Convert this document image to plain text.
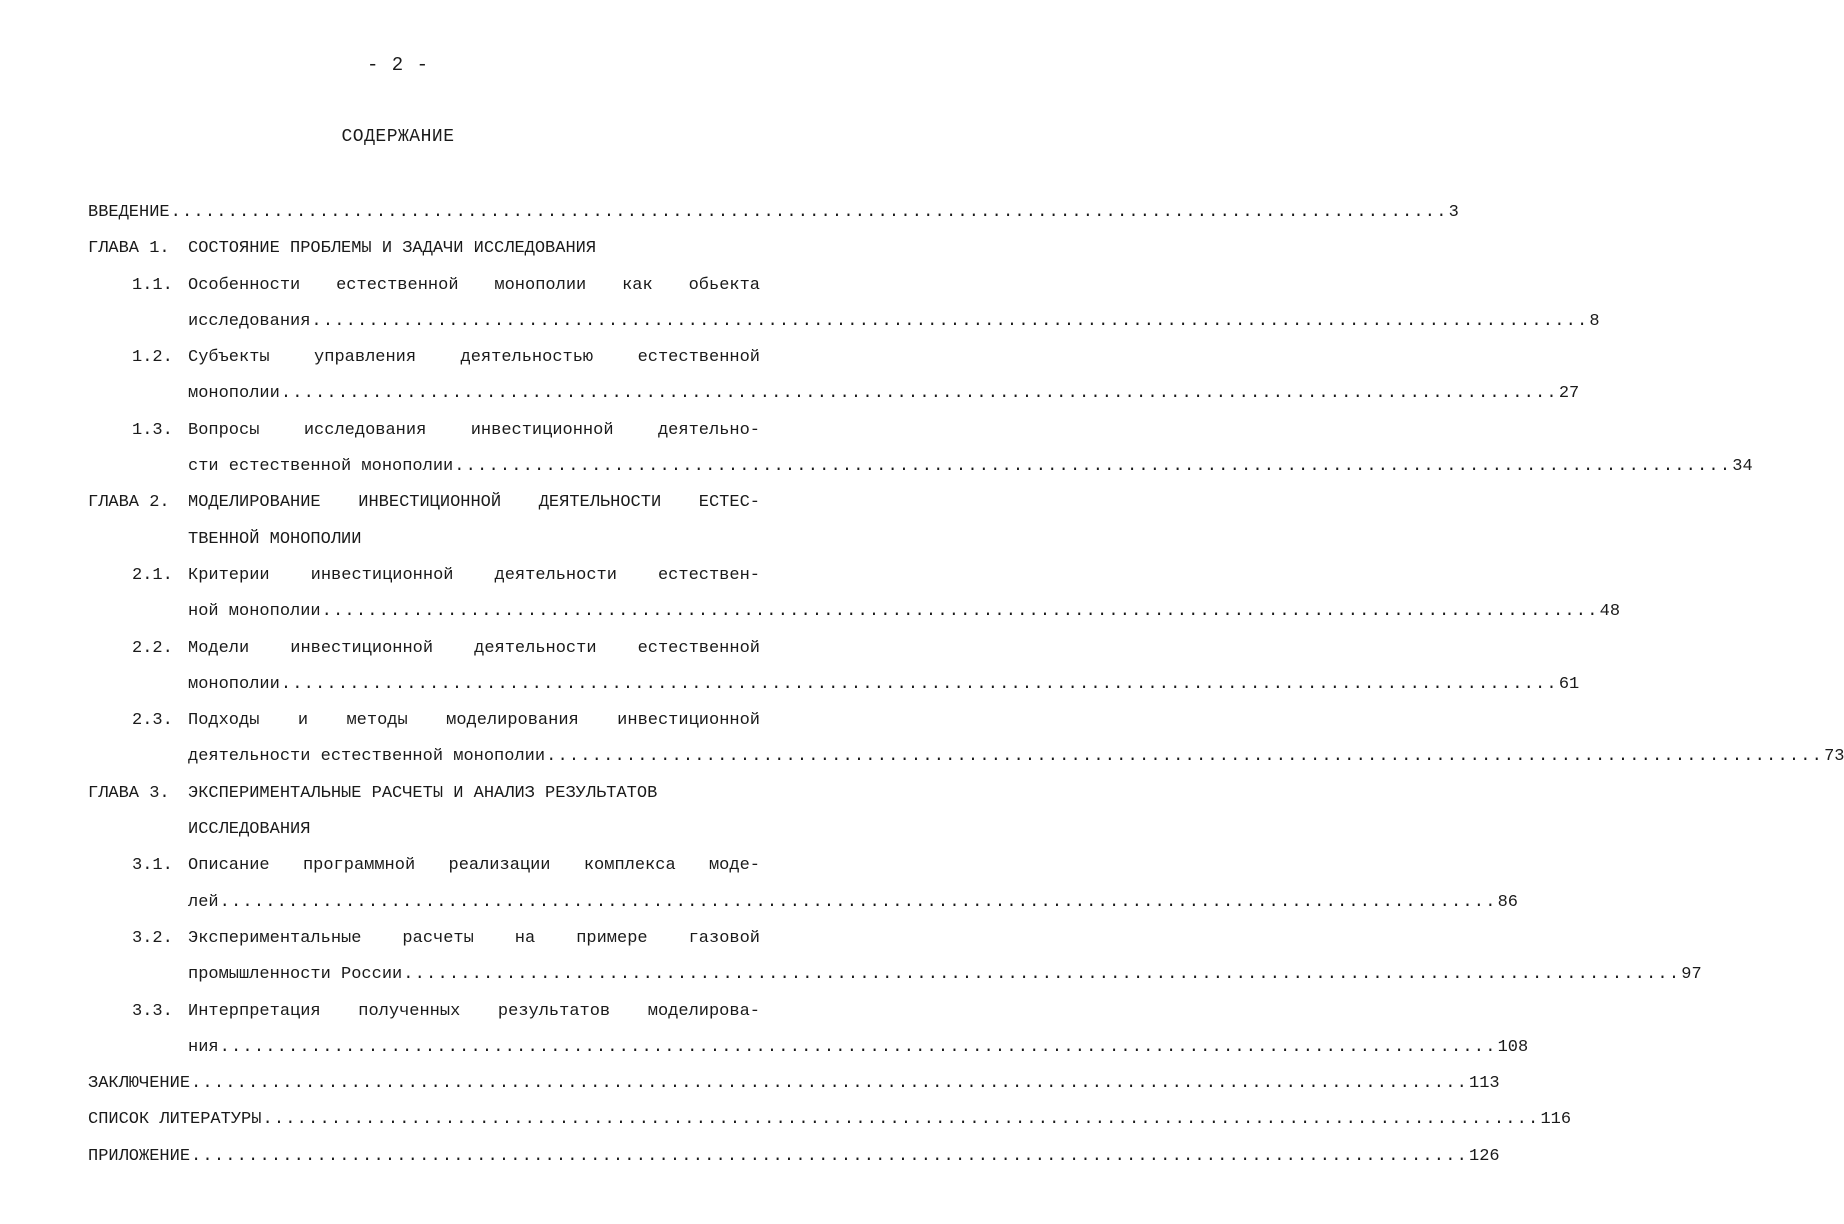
- 2 -
СОДЕРЖАНИЕ
ВВЕДЕНИЕ ................................................................................................................ 3
ГЛАВА 1.	СОСТОЯНИЕ ПРОБЛЕМЫ И ЗАДАЧИ ИССЛЕДОВАНИЯ
1.1. Особенности естественной монополии как обьекта
исследования ................................................................................................................ 8
1.2. Субъекты управления деятельностью естественной
монополии ................................................................................................................ 27
1.3. Вопросы исследования инвестиционной деятельно-
сти естественной монополии ................................................................................................................ 34
ГЛАВА 2.	МОДЕЛИРОВАНИЕ ИНВЕСТИЦИОННОЙ ДЕЯТЕЛЬНОСТИ ЕСТЕС-
ТВЕННОЙ МОНОПОЛИИ
2.1. Критерии инвестиционной деятельности естествен-
ной монополии ................................................................................................................ 48
2.2. Модели инвестиционной деятельности естественной
монополии ................................................................................................................ 61
2.3. Подходы и методы моделирования инвестиционной
деятельности естественной монополии ................................................................................................................ 73
ГЛАВА 3.	ЭКСПЕРИМЕНТАЛЬНЫЕ РАСЧЕТЫ И АНАЛИЗ РЕЗУЛЬТАТОВ
ИССЛЕДОВАНИЯ
3.1. Описание программной реализации комплекса моде-
лей ................................................................................................................ 86
3.2. Экспериментальные расчеты на примере газовой
промышленности России ................................................................................................................ 97
3.3. Интерпретация полученных результатов моделирова-
ния ................................................................................................................ 108
ЗАКЛЮЧЕНИЕ ................................................................................................................ 113
СПИСОК ЛИТЕРАТУРЫ ................................................................................................................ 116
ПРИЛОЖЕНИЕ ................................................................................................................ 126
